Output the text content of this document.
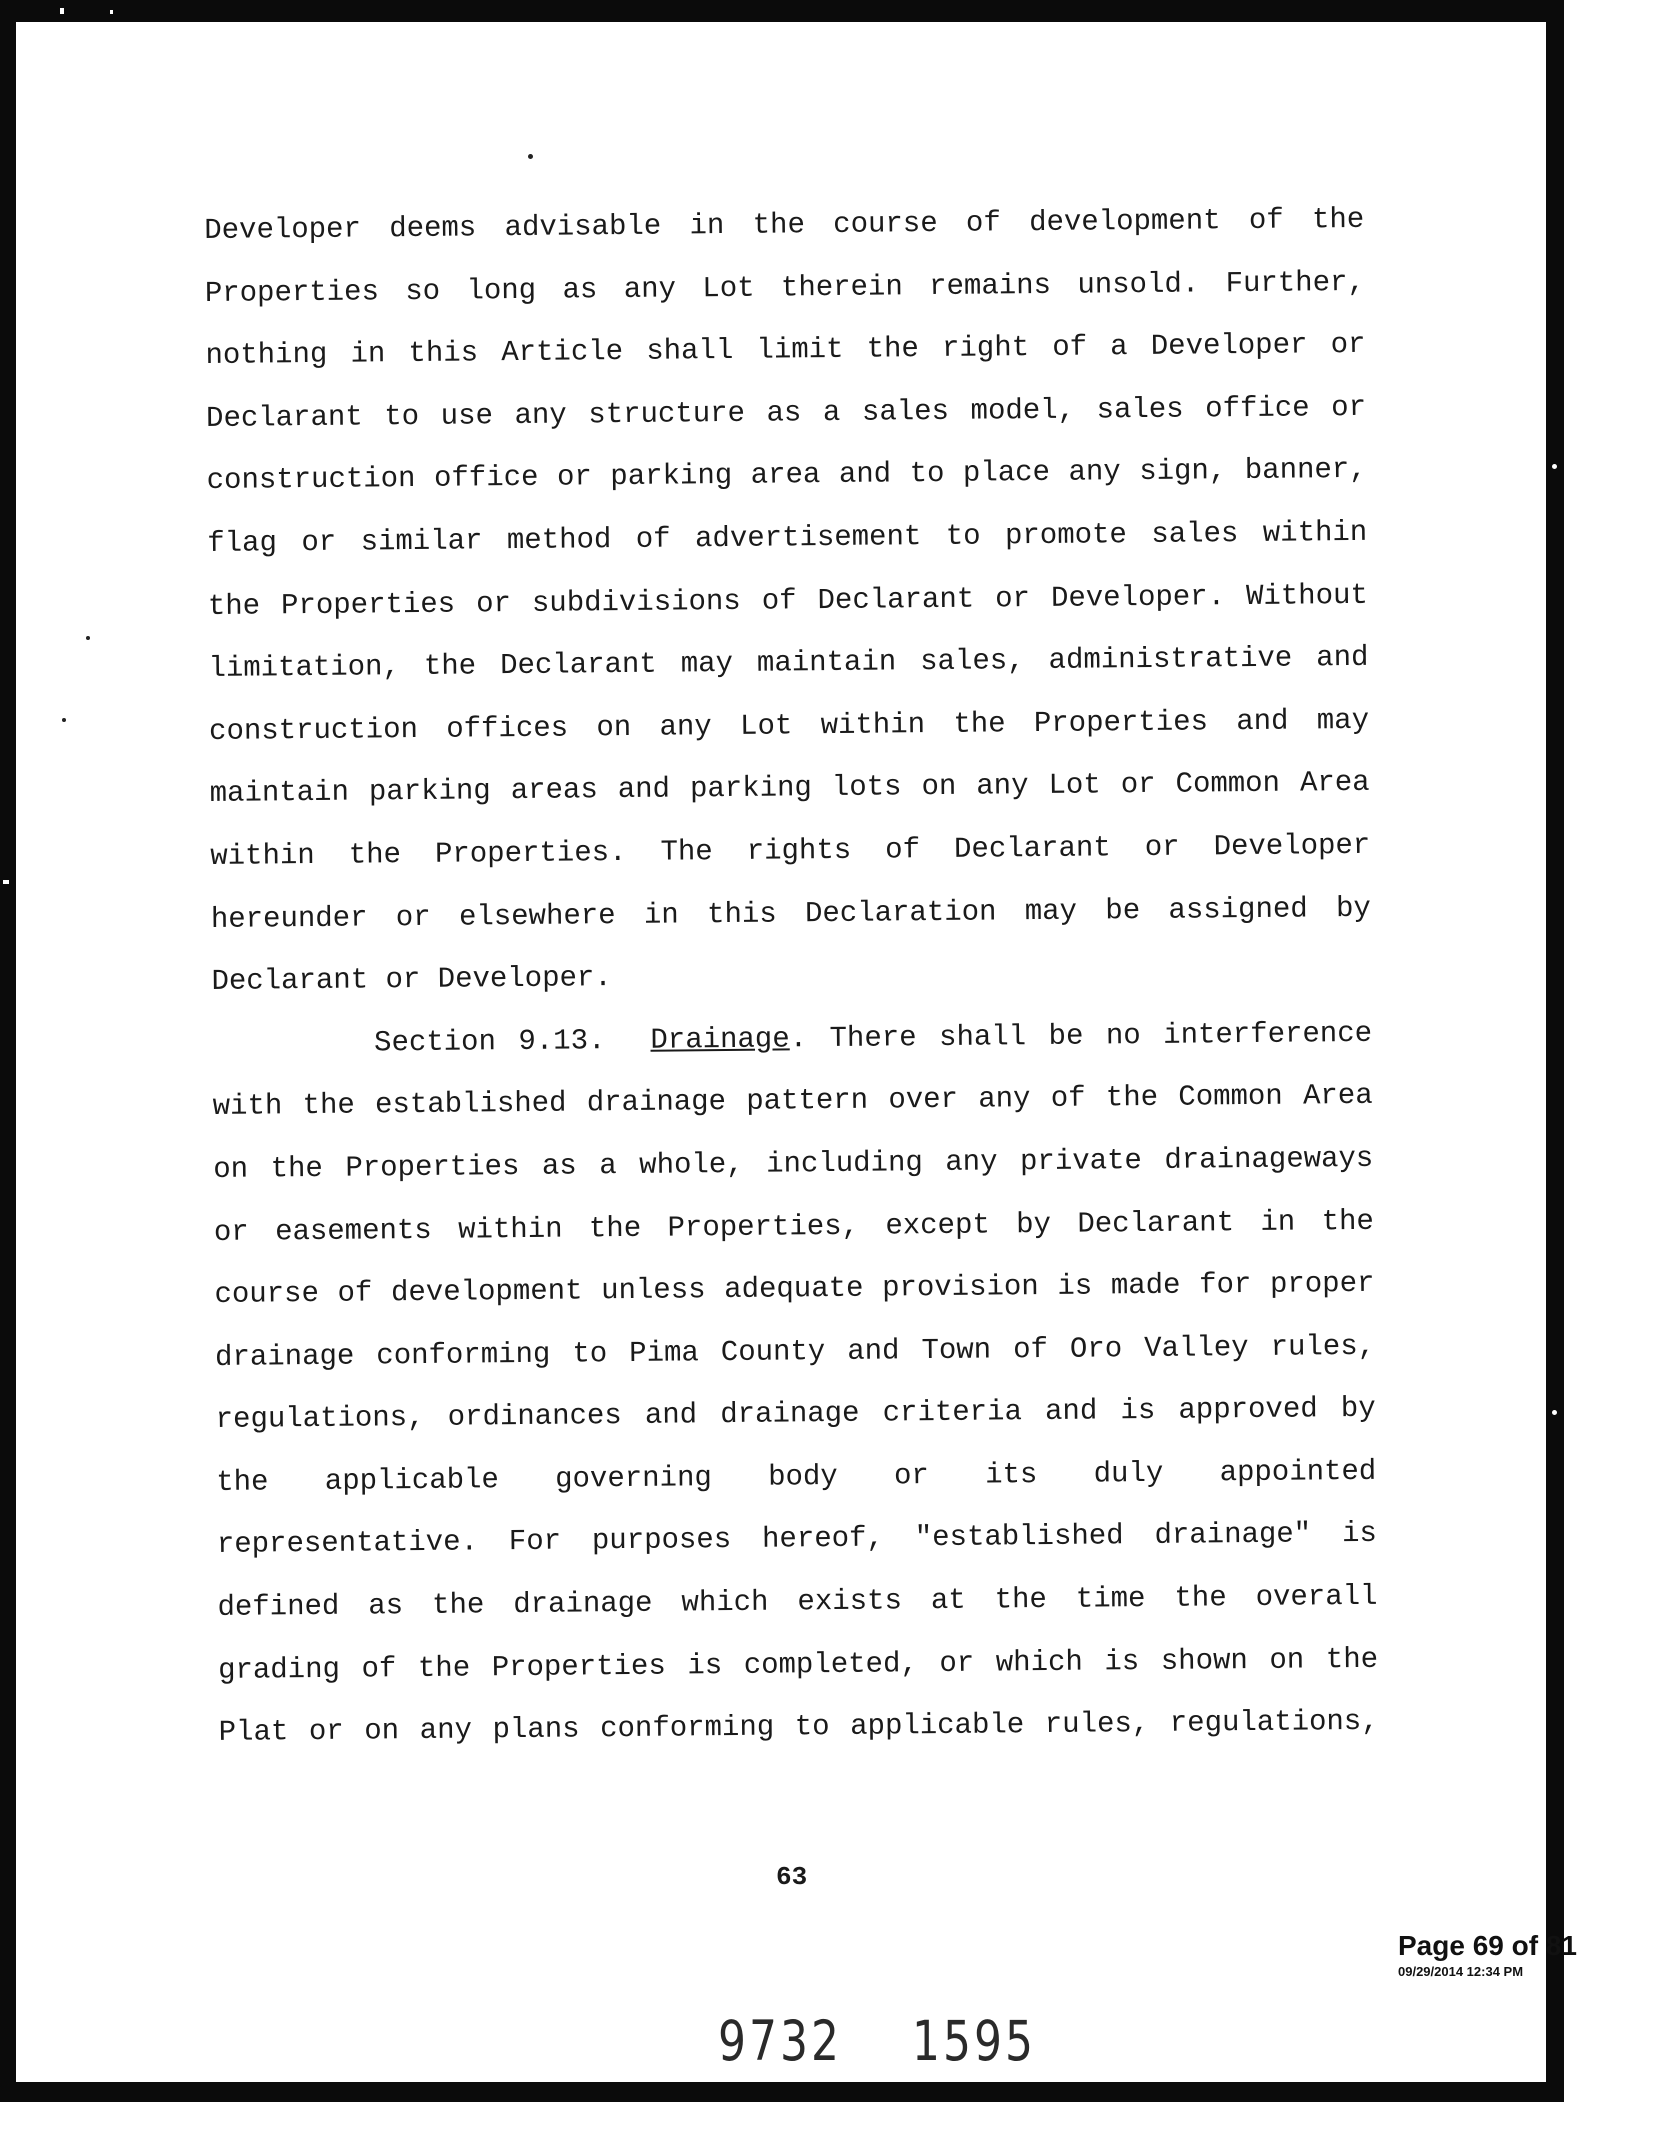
Developer deems advisable in the course of development of the
Properties so long as any Lot therein remains unsold. Further,
nothing in this Article shall limit the right of a Developer or
Declarant to use any structure as a sales model, sales office or
construction office or parking area and to place any sign, banner,
flag or similar method of advertisement to promote sales within
the Properties or subdivisions of Declarant or Developer. Without
limitation, the Declarant may maintain sales, administrative and
construction offices on any Lot within the Properties and may
maintain parking areas and parking lots on any Lot or Common Area
within the Properties. The rights of Declarant or Developer
hereunder or elsewhere in this Declaration may be assigned by
Declarant or Developer.
Section 9.13. Drainage. There shall be no interference
with the established drainage pattern over any of the Common Area
on the Properties as a whole, including any private drainageways
or easements within the Properties, except by Declarant in the
course of development unless adequate provision is made for proper
drainage conforming to Pima County and Town of Oro Valley rules,
regulations, ordinances and drainage criteria and is approved by
the applicable governing body or its duly appointed
representative. For purposes hereof, "established drainage" is
defined as the drainage which exists at the time the overall
grading of the Properties is completed, or which is shown on the
Plat or on any plans conforming to applicable rules, regulations,
63
Page 69 of 81
09/29/2014 12:34 PM
9732 1595
